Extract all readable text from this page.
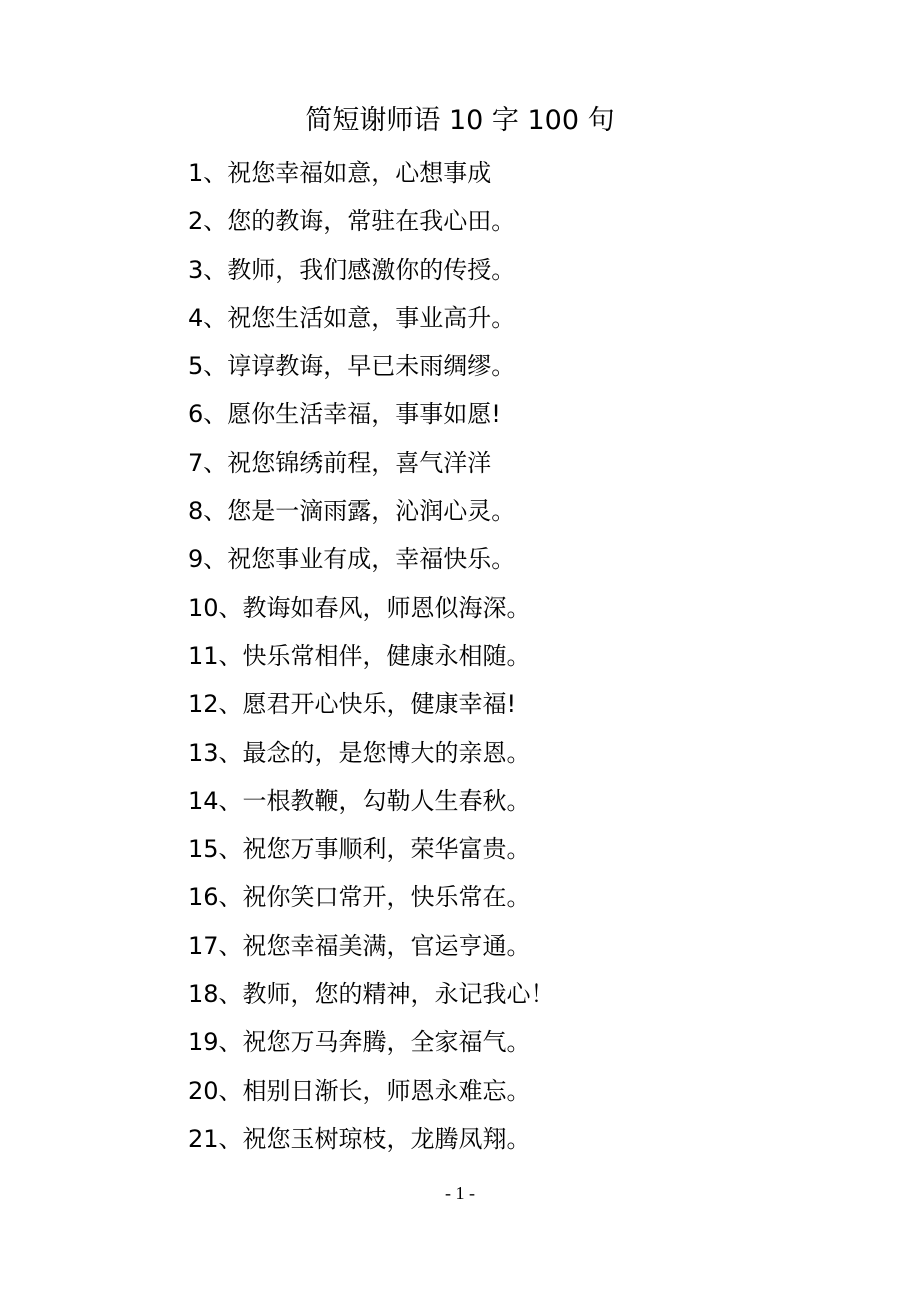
简短谢师语 10 字 100 句
1、祝您幸福如意，心想事成
2、您的教诲，常驻在我心田。
3、教师，我们感激你的传授。
4、祝您生活如意，事业高升。
5、谆谆教诲，早已未雨绸缪。
6、愿你生活幸福，事事如愿!
7、祝您锦绣前程，喜气洋洋
8、您是一滴雨露，沁润心灵。
9、祝您事业有成，幸福快乐。
10、教诲如春风，师恩似海深。
11、快乐常相伴，健康永相随。
12、愿君开心快乐，健康幸福!
13、最念的，是您博大的亲恩。
14、一根教鞭，勾勒人生春秋。
15、祝您万事顺利，荣华富贵。
16、祝你笑口常开，快乐常在。
17、祝您幸福美满，官运亨通。
18、教师，您的精神，永记我心！
19、祝您万马奔腾，全家福气。
20、相别日渐长，师恩永难忘。
21、祝您玉树琼枝，龙腾凤翔。
- 1 -
